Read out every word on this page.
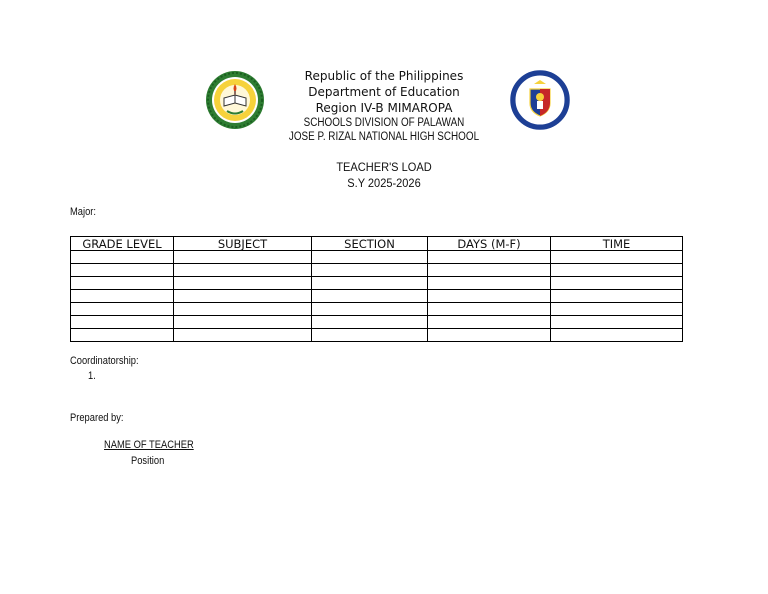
Republic of the Philippines
Department of Education
Region IV-B MIMAROPA
SCHOOLS DIVISION OF PALAWAN
JOSE P. RIZAL NATIONAL HIGH SCHOOL
TEACHER'S LOAD
S.Y 2025-2026
Major:
GRADE LEVEL	SUBJECT	SECTION	DAYS (M-F)	TIME

Coordinatorship:
1.
Prepared by:
NAME OF TEACHER
Position
